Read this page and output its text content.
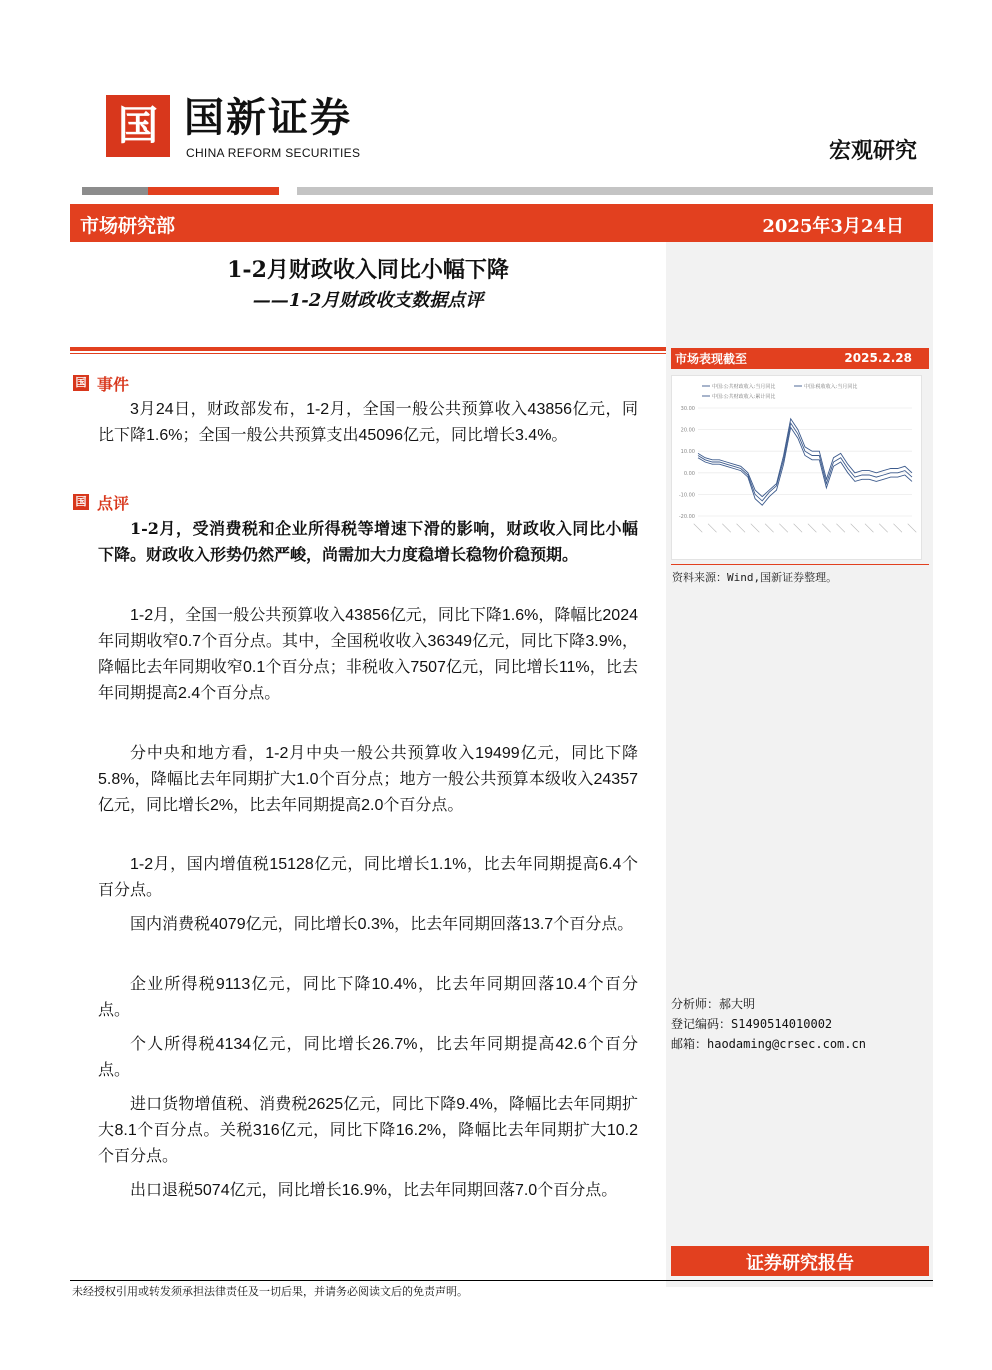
国 国新证券
CHINA REFORM SECURITIES	宏观研究
市场研究部	2025年3月24日
市场表现截至	2025.2.28
30.00
20.00
10.00
0.00
-10.00
-20.00
中国:公共财政收入:当月同比	中国:税收收入:当月同比
中国:公共财政收入:累计同比
资料来源：Wind,国新证券整理。
分析师：郝大明
登记编码：S1490514010002
邮箱：haodaming@crsec.com.cn
证券研究报告
1-2月财政收入同比小幅下降
——1-2月财政收支数据点评
国 事件

3月24日，财政部发布，1-2月，全国一般公共预算收入43856亿元，同比下降1.6%；全国一般公共预算支出45096亿元，同比增长3.4%。

国 点评

1-2月，受消费税和企业所得税等增速下滑的影响，财政收入同比小幅下降。财政收入形势仍然严峻，尚需加大力度稳增长稳物价稳预期。

1-2月，全国一般公共预算收入43856亿元，同比下降1.6%，降幅比2024年同期收窄0.7个百分点。其中，全国税收收入36349亿元，同比下降3.9%，降幅比去年同期收窄0.1个百分点；非税收入7507亿元，同比增长11%，比去年同期提高2.4个百分点。

分中央和地方看，1-2月中央一般公共预算收入19499亿元，同比下降5.8%，降幅比去年同期扩大1.0个百分点；地方一般公共预算本级收入24357亿元，同比增长2%，比去年同期提高2.0个百分点。

1-2月，国内增值税15128亿元，同比增长1.1%，比去年同期提高6.4个百分点。

国内消费税4079亿元，同比增长0.3%，比去年同期回落13.7个百分点。

企业所得税9113亿元，同比下降10.4%，比去年同期回落10.4个百分点。

个人所得税4134亿元，同比增长26.7%，比去年同期提高42.6个百分点。

进口货物增值税、消费税2625亿元，同比下降9.4%，降幅比去年同期扩大8.1个百分点。关税316亿元，同比下降16.2%，降幅比去年同期扩大10.2个百分点。

出口退税5074亿元，同比增长16.9%，比去年同期回落7.0个百分点。

未经授权引用或转发须承担法律责任及一切后果，并请务必阅读文后的免责声明。
